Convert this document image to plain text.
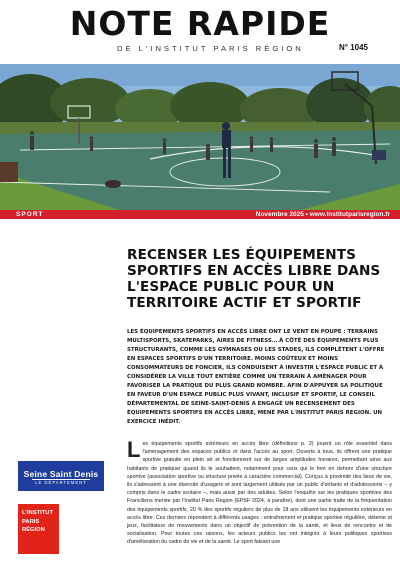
NOTE RAPIDE
DE L'INSTITUT PARIS RÉGION	N° 1045
SPORT	Novembre 2025 • www.institutparisregion.fr
RECENSER LES ÉQUIPEMENTS SPORTIFS EN ACCÈS LIBRE DANS L'ESPACE PUBLIC POUR UN TERRITOIRE ACTIF ET SPORTIF

LES ÉQUIPEMENTS SPORTIFS EN ACCÈS LIBRE ONT LE VENT EN POUPE : TERRAINS MULTISPORTS, SKATEPARKS, AIRES DE FITNESS… À CÔTÉ DES ÉQUIPEMENTS PLUS STRUCTURANTS, COMME LES GYMNASES OU LES STADES, ILS COMPLÈTENT L'OFFRE EN ESPACES SPORTIFS D'UN TERRITOIRE. MOINS COÛTEUX ET MOINS CONSOMMATEURS DE FONCIER, ILS CONDUISENT À INVESTIR L'ESPACE PUBLIC ET À CONSIDÉRER LA VILLE TOUT ENTIÈRE COMME UN TERRAIN À AMÉNAGER POUR FAVORISER LA PRATIQUE DU PLUS GRAND NOMBRE. AFIN D'APPUYER SA POLITIQUE EN FAVEUR D'UN ESPACE PUBLIC PLUS VIVANT, INCLUSIF ET SPORTIF, LE CONSEIL DÉPARTEMENTAL DE SEINE-SAINT-DENIS A ENGAGÉ UN RECENSEMENT DES ÉQUIPEMENTS SPORTIFS EN ACCÈS LIBRE, MENÉ PAR L'INSTITUT PARIS REGION. UN EXERCICE INÉDIT.

Les équipements sportifs extérieurs en accès libre (définitions p. 2) jouent un rôle essentiel dans l'aménagement des espaces publics et dans l'accès au sport. Ouverts à tous, ils offrent une pratique sportive gratuite en plein air et fonctionnent sur de larges amplitudes horaires, permettant ainsi aux habitants de pratiquer quand ils le souhaitent, notamment pour ceux qui le font en dehors d'une structure sportive (association sportive ou structure privée à caractère commercial). Conçus à proximité des lieux de vie, ils s'adressent à une diversité d'usagers et sont largement utilisés par un public d'enfants et d'adolescents – y compris dans le cadre scolaire –, mais aussi par des adultes. Selon l'enquête sur les pratiques sportives des Franciliens menée par l'Institut Paris Region (EPSF 2024, à paraître), dont une partie traite de la fréquentation des équipements sportifs, 20 % des sportifs réguliers de plus de 18 ans utilisent les équipements extérieurs en accès libre. Ces derniers répondent à différents usages : entraînement et pratique sportive régulière, détente et jeux, facilitateur de mouvements dans un objectif de prévention de la santé, et lieux de rencontre et de socialisation. Pour toutes ces raisons, les acteurs publics les ont intégrés à leurs politiques sportives d'amélioration du cadre de vie et de la santé. Le sport faisant une

Seine Saint Denis
LE DÉPARTEMENT
L'INSTITUT
PARIS
RÉGION
